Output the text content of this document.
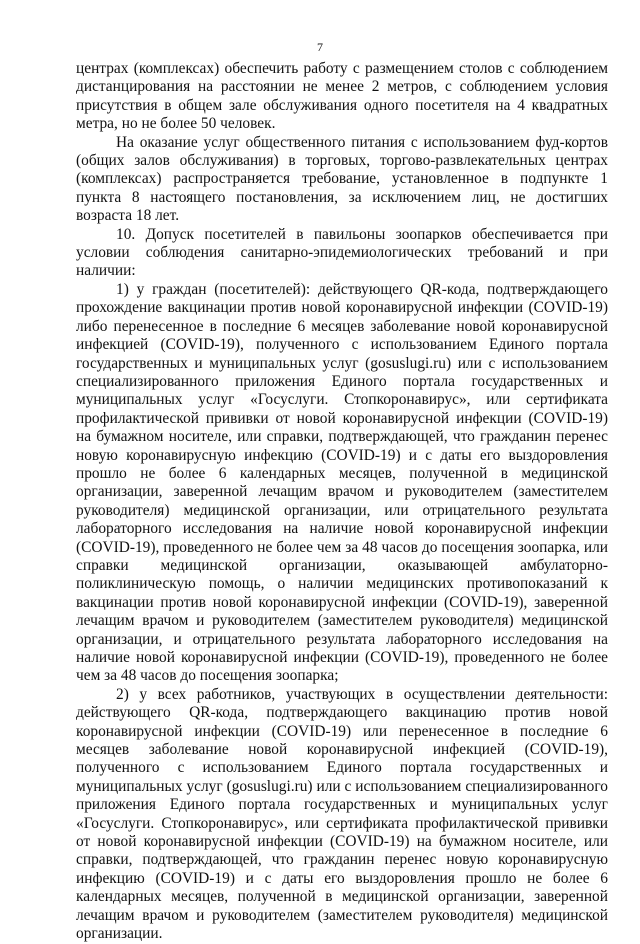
7

центрах (комплексах) обеспечить работу с размещением столов с соблюдением дистанцирования на расстоянии не менее 2 метров, с соблюдением условия присутствия в общем зале обслуживания одного посетителя на 4 квадратных метра, но не более 50 человек.

На оказание услуг общественного питания с использованием фуд-кортов (общих залов обслуживания) в торговых, торгово-развлекательных центрах (комплексах) распространяется требование, установленное в подпункте 1 пункта 8 настоящего постановления, за исключением лиц, не достигших возраста 18 лет.

10. Допуск посетителей в павильоны зоопарков обеспечивается при условии соблюдения санитарно-эпидемиологических требований и при наличии:

1) у граждан (посетителей): действующего QR-кода, подтверждающего прохождение вакцинации против новой коронавирусной инфекции (COVID-19) либо перенесенное в последние 6 месяцев заболевание новой коронавирусной инфекцией (COVID-19), полученного с использованием Единого портала государственных и муниципальных услуг (gosuslugi.ru) или с использованием специализированного приложения Единого портала государственных и муниципальных услуг «Госуслуги. Стопкоронавирус», или сертификата профилактической прививки от новой коронавирусной инфекции (COVID-19) на бумажном носителе, или справки, подтверждающей, что гражданин перенес новую коронавирусную инфекцию (COVID-19) и с даты его выздоровления прошло не более 6 календарных месяцев, полученной в медицинской организации, заверенной лечащим врачом и руководителем (заместителем руководителя) медицинской организации, или отрицательного результата лабораторного исследования на наличие новой коронавирусной инфекции (COVID-19), проведенного не более чем за 48 часов до посещения зоопарка, или справки медицинской организации, оказывающей амбулаторно-поликлиническую помощь, о наличии медицинских противопоказаний к вакцинации против новой коронавирусной инфекции (COVID-19), заверенной лечащим врачом и руководителем (заместителем руководителя) медицинской организации, и отрицательного результата лабораторного исследования на наличие новой коронавирусной инфекции (COVID-19), проведенного не более чем за 48 часов до посещения зоопарка;

2) у всех работников, участвующих в осуществлении деятельности: действующего QR-кода, подтверждающего вакцинацию против новой коронавирусной инфекции (COVID-19) или перенесенное в последние 6 месяцев заболевание новой коронавирусной инфекцией (COVID-19), полученного с использованием Единого портала государственных и муниципальных услуг (gosuslugi.ru) или с использованием специализированного приложения Единого портала государственных и муниципальных услуг «Госуслуги. Стопкоронавирус», или сертификата профилактической прививки от новой коронавирусной инфекции (COVID-19) на бумажном носителе, или справки, подтверждающей, что гражданин перенес новую коронавирусную инфекцию (COVID-19) и с даты его выздоровления прошло не более 6 календарных месяцев, полученной в медицинской организации, заверенной лечащим врачом и руководителем (заместителем руководителя) медицинской организации.
